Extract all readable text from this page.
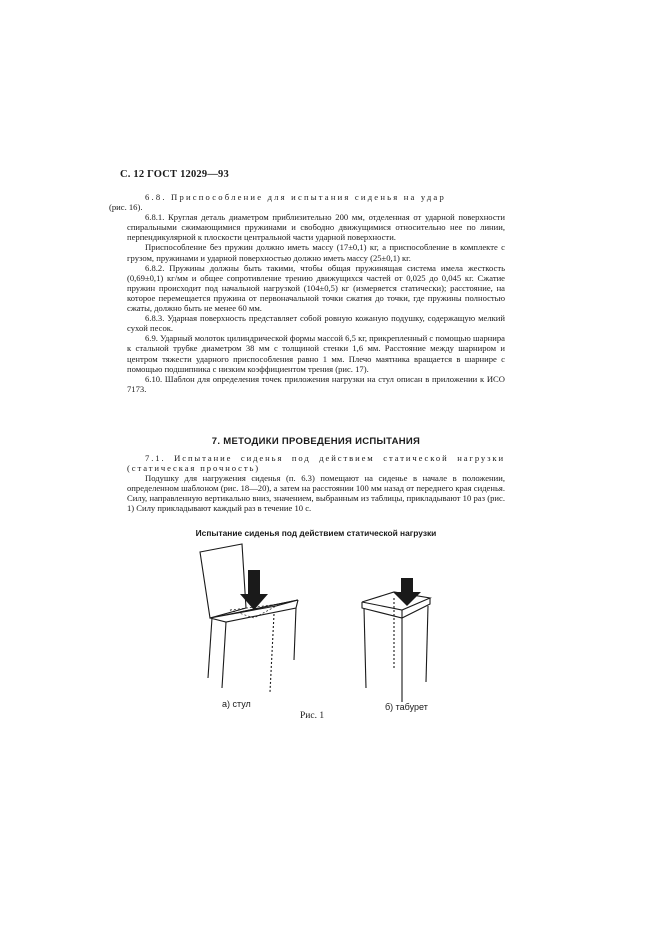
С. 12 ГОСТ 12029—93

6.8. Приспособление для испытания сиденья на удар
(рис. 16).

6.8.1. Круглая деталь диаметром приблизительно 200 мм, отделенная от ударной поверхности спиральными сжимающимися пружинами и свободно движущимися относительно нее по линии, перпендикулярной к плоскости центральной части ударной поверхности.

Приспособление без пружин должно иметь массу (17±0,1) кг, а приспособление в комплекте с грузом, пружинами и ударной поверхностью должно иметь массу (25±0,1) кг.

6.8.2. Пружины должны быть такими, чтобы общая пружинящая система имела жесткость (0,69±0,1) кг/мм и общее сопротивление трению движущихся частей от 0,025 до 0,045 кг. Сжатие пружин происходит под начальной нагрузкой (104±0,5) кг (измеряется статически); расстояние, на которое перемещается пружина от первоначальной точки сжатия до точки, где пружины полностью сжаты, должно быть не менее 60 мм.

6.8.3. Ударная поверхность представляет собой ровную кожаную подушку, содержащую мелкий сухой песок.

6.9. Ударный молоток цилиндрической формы массой 6,5 кг, прикрепленный с помощью шарнира к стальной трубке диаметром 38 мм с толщиной стенки 1,6 мм. Расстояние между шарниром и центром тяжести ударного приспособления равно 1 мм. Плечо маятника вращается в шарнире с помощью подшипника с низким коэффициентом трения (рис. 17).

6.10. Шаблон для определения точек приложения нагрузки на стул описан в приложении к ИСО 7173.

7. МЕТОДИКИ ПРОВЕДЕНИЯ ИСПЫТАНИЯ

7.1. Испытание сиденья под действием статической нагрузки (статическая прочность)

Подушку для нагружения сиденья (п. 6.3) помещают на сиденье в начале в положении, определенном шаблоном (рис. 18—20), а затем на расстоянии 100 мм назад от переднего края сиденья. Силу, направленную вертикально вниз, значением, выбранным из таблицы, прикладывают 10 раз (рис. 1) Силу прикладывают каждый раз в течение 10 с.

Испытание сиденья под действием статической нагрузки
а) стул	б) табурет
Рис. 1
